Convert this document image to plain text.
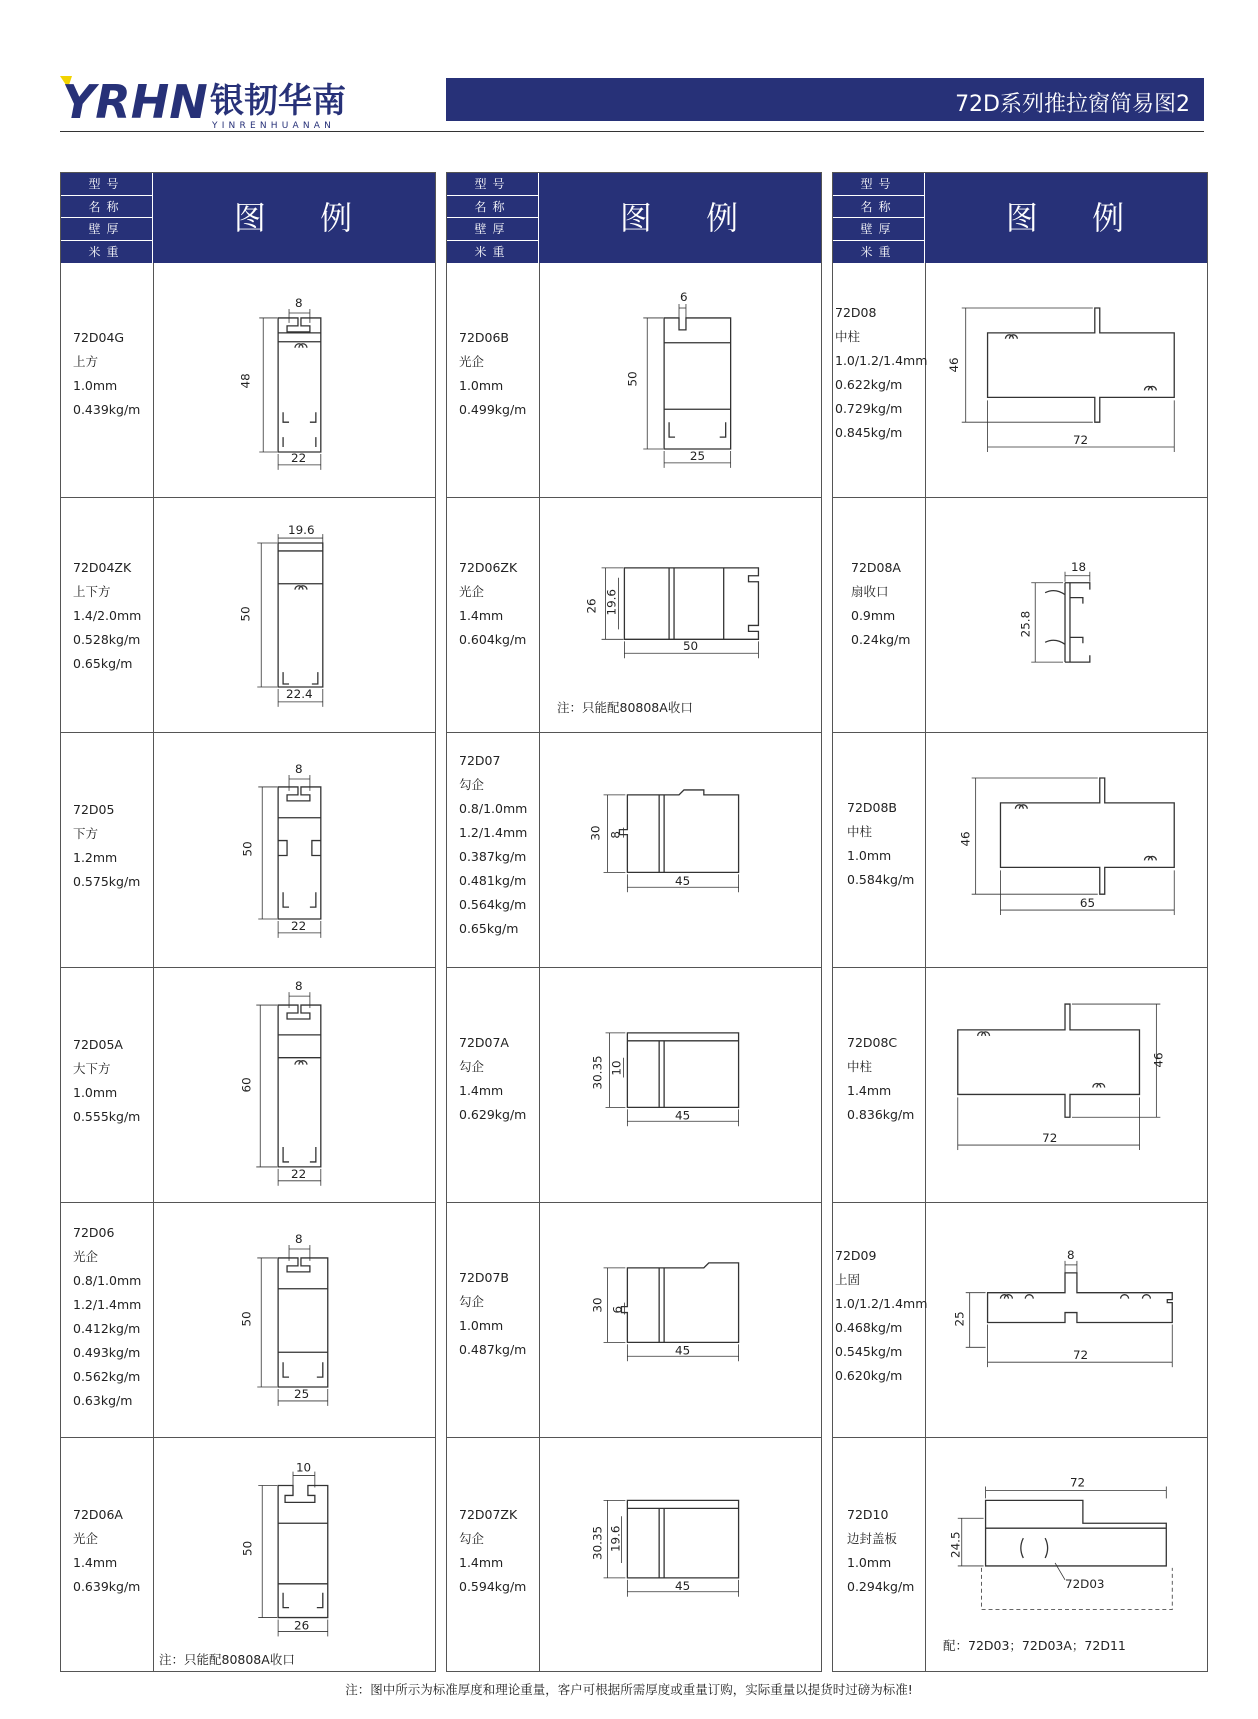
YRHN 银韧华南
YINRENHUANAN
72D系列推拉窗简易图2
型号
名称
壁厚
米重
图 例
72D04G
上方
1.0mm
0.439kg/m
48
8
22
72D04ZK
上下方
1.4/2.0mm
0.528kg/m
0.65kg/m
50
19.6
22.4
72D05
下方
1.2mm
0.575kg/m
50
8
22
72D05A
大下方
1.0mm
0.555kg/m
60
8
22
72D06
光企
0.8/1.0mm
1.2/1.4mm
0.412kg/m
0.493kg/m
0.562kg/m
0.63kg/m
50
8
25
72D06A
光企
1.4mm
0.639kg/m
50
10
26
注：只能配80808A收口
型号
名称
壁厚
米重
图 例
72D06B
光企
1.0mm
0.499kg/m
50
6
25
72D06ZK
光企
1.4mm
0.604kg/m
26 19.6
50
注：只能配80808A收口
72D07
勾企
0.8/1.0mm
1.2/1.4mm
0.387kg/m
0.481kg/m
0.564kg/m
0.65kg/m
30 8
45
72D07A
勾企
1.4mm
0.629kg/m
30.35 10
45
72D07B
勾企
1.0mm
0.487kg/m
30 6
45
72D07ZK
勾企
1.4mm
0.594kg/m
30.35 19.6
45
型号
名称
壁厚
米重
图 例
72D08
中柱
1.0/1.2/1.4mm
0.622kg/m
0.729kg/m
0.845kg/m
46
72
72D08A
扇收口
0.9mm
0.24kg/m
18
25.8
72D08B
中柱
1.0mm
0.584kg/m
46
65
72D08C
中柱
1.4mm
0.836kg/m
46
72
72D09
上固
1.0/1.2/1.4mm
0.468kg/m
0.545kg/m
0.620kg/m
8
25
72
72D10
边封盖板
1.0mm
0.294kg/m
72
24.5
72D03
配：72D03；72D03A；72D11
注：图中所示为标准厚度和理论重量，客户可根据所需厚度或重量订购，实际重量以提货时过磅为标准!
